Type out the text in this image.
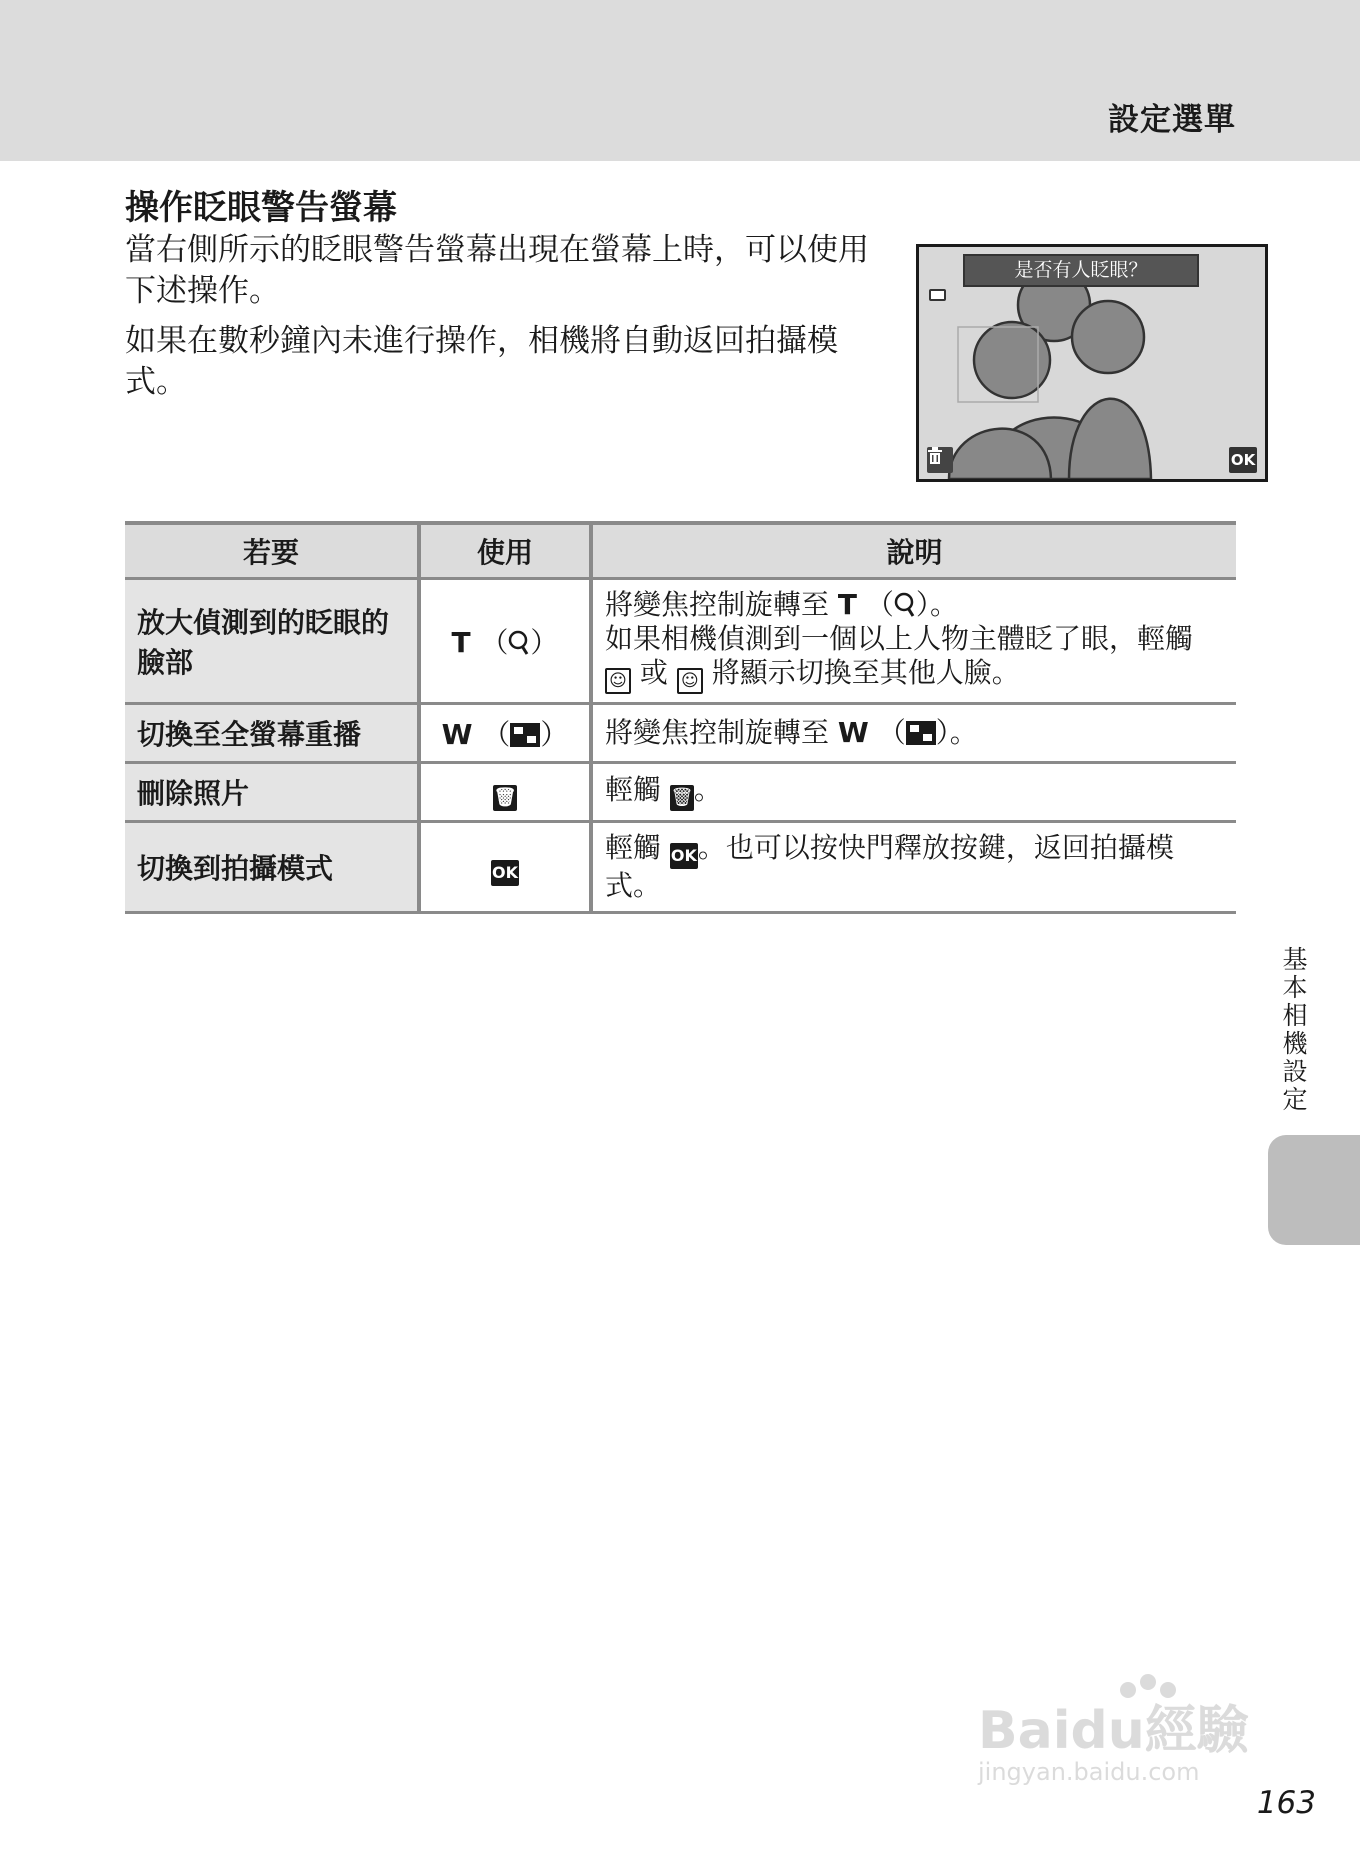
設定選單
操作眨眼警告螢幕

當右側所示的眨眼警告螢幕出現在螢幕上時，可以使用下述操作。

如果在數秒鐘內未進行操作，相機將自動返回拍攝模式。

是否有人眨眼？
OK
若要	使用	說明
放大偵測到的眨眼的臉部	T （ ）	將變焦控制旋轉至 T （ ）。
如果相機偵測到一個以上人物主體眨了眼，輕觸 ☺ 或 ☺ 將顯示切換至其他人臉。
切換至全螢幕重播	W （ ）	將變焦控制旋轉至 W （ ）。
刪除照片	🗑	輕觸 🗑。
切換到拍攝模式	OK	輕觸 OK。也可以按快門釋放按鍵，返回拍攝模式。
基本相機設定
Baidu經驗
jingyan.baidu.com
163
